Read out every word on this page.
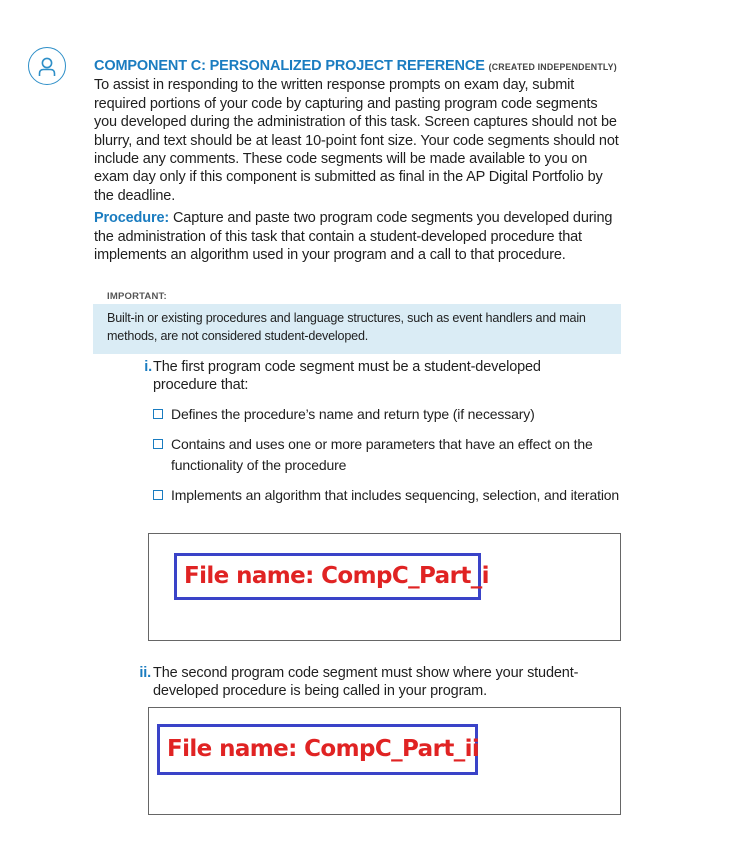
COMPONENT C: PERSONALIZED PROJECT REFERENCE (CREATED INDEPENDENTLY) To assist in responding to the written response prompts on exam day, submit required portions of your code by capturing and pasting program code segments you developed during the administration of this task. Screen captures should not be blurry, and text should be at least 10-point font size. Your code segments should not include any comments. These code segments will be made available to you on exam day only if this component is submitted as final in the AP Digital Portfolio by the deadline.

Procedure: Capture and paste two program code segments you developed during the administration of this task that contain a student-developed procedure that implements an algorithm used in your program and a call to that procedure.

IMPORTANT:
Built-in or existing procedures and language structures, such as event handlers and main methods, are not considered student-developed.
i. The first program code segment must be a student-developed procedure that:
Defines the procedure’s name and return type (if necessary)
Contains and uses one or more parameters that have an effect on the functionality of the procedure
Implements an algorithm that includes sequencing, selection, and iteration
File name: CompC_Part_i
ii. The second program code segment must show where your student-developed procedure is being called in your program.
File name: CompC_Part_ii
